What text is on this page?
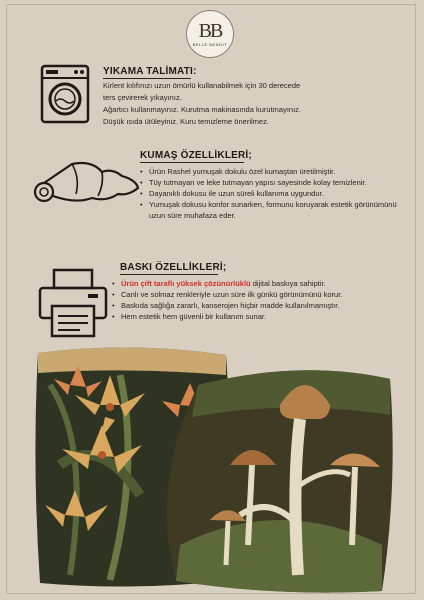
BB
BELLE BENOIT
YIKAMA TALİMATI:

Kirlent kılıfınızı uzun ömürlü kullanabilmek için 30 derecede

ters çevirerek yıkayınız.

Ağartıcı kullanmayınız. Kurutma makinasında kurutmayınız.

Düşük ısıda ütüleyiniz. Kuru temizleme önerilmez.

KUMAŞ ÖZELLİKLERİ;
• Ürün Rashel yumuşak dokulu özel kumaştan üretilmiştir.
• Tüy tutmayan ve leke tutmayan yapısı sayesinde kolay temizlenir.
• Dayanıklı dokusu ile uzun süreli kullanıma uygundur.
• Yumuşak dokusu konfor sunarken, formunu koruyarak estetik görünümünü uzun süre muhafaza eder.
BASKI ÖZELLİKLERİ;
• Ürün çift taraflı yüksek çözünürlüklü dijital baskıya sahiptir.
• Canlı ve solmaz renkleriyle uzun süre ilk günkü görünümünü korur.
• Baskıda sağlığa zararlı, kanserojen hiçbir madde kullanılmamıştır.
• Hem estetik hem güvenli bir kullanım sunar.
